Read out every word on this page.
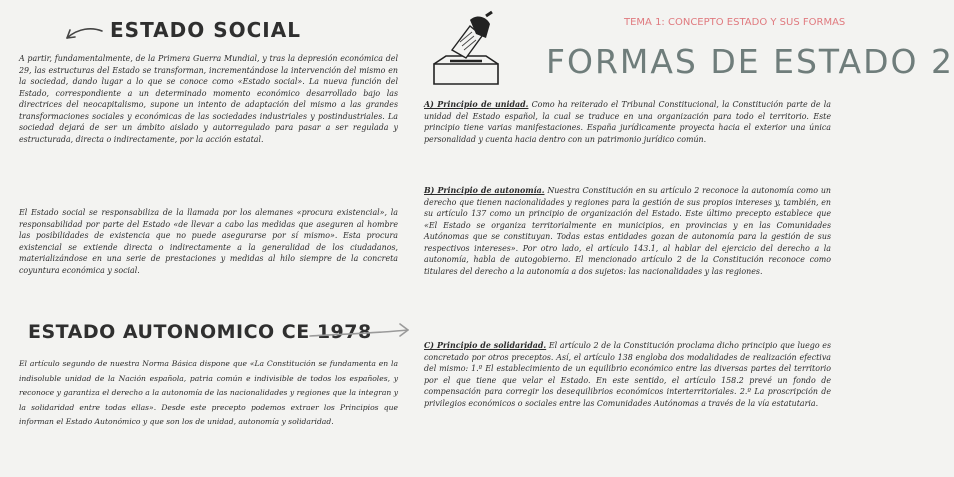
TEMA 1: CONCEPTO ESTADO Y SUS FORMAS
FORMAS DE ESTADO 2
ESTADO SOCIAL

A partir, fundamentalmente, de la Primera Guerra Mundial, y tras la depresión económica del 29, las estructuras del Estado se transforman, incrementándose la intervención del mismo en la sociedad, dando lugar a lo que se conoce como «Estado social». La nueva función del Estado, correspondiente a un determinado momento económico desarrollado bajo las directrices del neocapitalismo, supone un intento de adaptación del mismo a las grandes transformaciones sociales y económicas de las sociedades industriales y postindustriales. La sociedad dejará de ser un ámbito aislado y autorregulado para pasar a ser regulada y estructurada, directa o indirectamente, por la acción estatal.

El Estado social se responsabiliza de la llamada por los alemanes «procura existencial», la responsabilidad por parte del Estado «de llevar a cabo las medidas que aseguren al hombre las posibilidades de existencia que no puede asegurarse por sí mismo». Esta procura existencial se extiende directa o indirectamente a la generalidad de los ciudadanos, materializándose en una serie de prestaciones y medidas al hilo siempre de la concreta coyuntura económica y social.

ESTADO AUTONOMICO CE 1978

El artículo segundo de nuestra Norma Básica dispone que «La Constitución se fundamenta en la indisoluble unidad de la Nación española, patria común e indivisible de todos los españoles, y reconoce y garantiza el derecho a la autonomía de las nacionalidades y regiones que la integran y la solidaridad entre todas ellas». Desde este precepto podemos extraer los Principios que informan el Estado Autonómico y que son los de unidad, autonomía y solidaridad.

A) Principio de unidad. Como ha reiterado el Tribunal Constitucional, la Constitución parte de la unidad del Estado español, la cual se traduce en una organización para todo el territorio. Este principio tiene varias manifestaciones. España jurídicamente proyecta hacia el exterior una única personalidad y cuenta hacia dentro con un patrimonio jurídico común.

B) Principio de autonomía. Nuestra Constitución en su artículo 2 reconoce la autonomía como un derecho que tienen nacionalidades y regiones para la gestión de sus propios intereses y, también, en su artículo 137 como un principio de organización del Estado. Este último precepto establece que «El Estado se organiza territorialmente en municipios, en provincias y en las Comunidades Autónomas que se constituyan. Todas estas entidades gozan de autonomía para la gestión de sus respectivos intereses». Por otro lado, el artículo 143.1, al hablar del ejercicio del derecho a la autonomía, habla de autogobierno. El mencionado artículo 2 de la Constitución reconoce como titulares del derecho a la autonomía a dos sujetos: las nacionalidades y las regiones.

C) Principio de solidaridad. El artículo 2 de la Constitución proclama dicho principio que luego es concretado por otros preceptos. Así, el artículo 138 engloba dos modalidades de realización efectiva del mismo: 1.º El establecimiento de un equilibrio económico entre las diversas partes del territorio por el que tiene que velar el Estado. En este sentido, el artículo 158.2 prevé un fondo de compensación para corregir los desequilibrios económicos interterritoriales. 2.º La proscripción de privilegios económicos o sociales entre las Comunidades Autónomas a través de la vía estatutaria.
